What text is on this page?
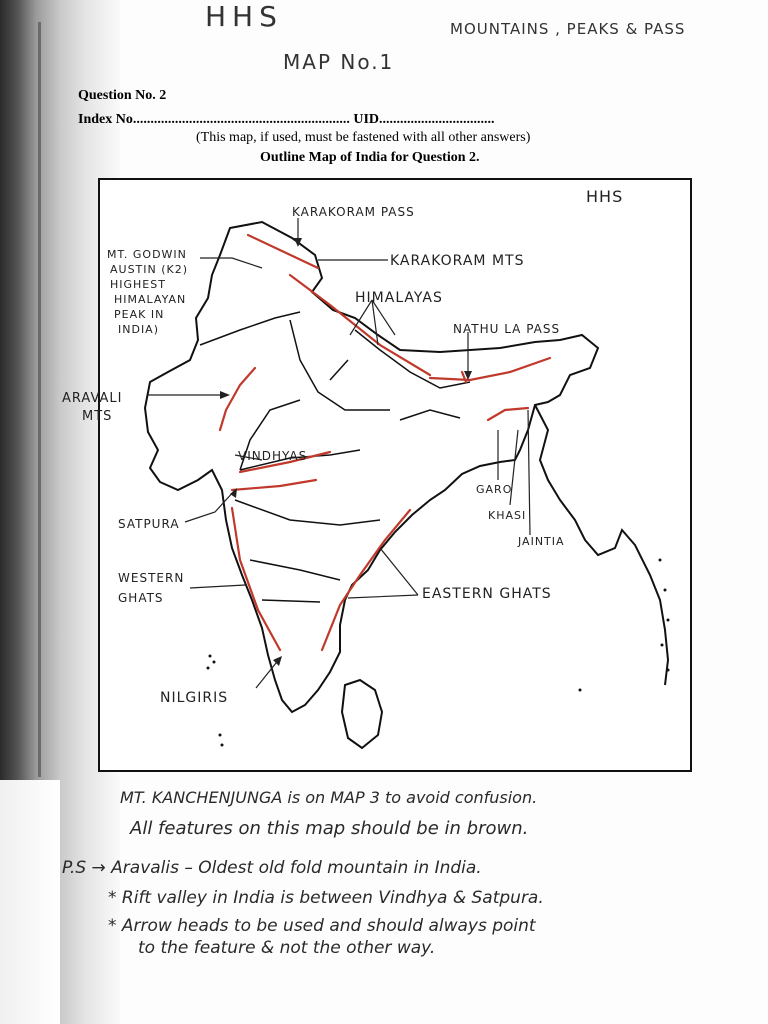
HHS	MOUNTAINS , PEAKS & PASS
MAP No.1
Question No. 2
Index No.............................................................. UID.................................
(This map, if used, must be fastened with all other answers)
Outline Map of India for Question 2.
KARAKORAM PASS
KARAKORAM MTS
HIMALAYAS
NATHU LA PASS
MT. GODWIN
AUSTIN (K2)
HIGHEST
HIMALAYAN
PEAK IN
INDIA)
ARAVALI
MTS
VINDHYAS
SATPURA
WESTERN
GHATS	EASTERN GHATS
GARO
KHASI
JAINTIA
NILGIRIS
HHS
MT. KANCHENJUNGA is on MAP 3 to avoid confusion.
All features on this map should be in brown.
P.S → Aravalis – Oldest old fold mountain in India.
* Rift valley in India is between Vindhya & Satpura.
* Arrow heads to be used and should always point
to the feature & not the other way.
